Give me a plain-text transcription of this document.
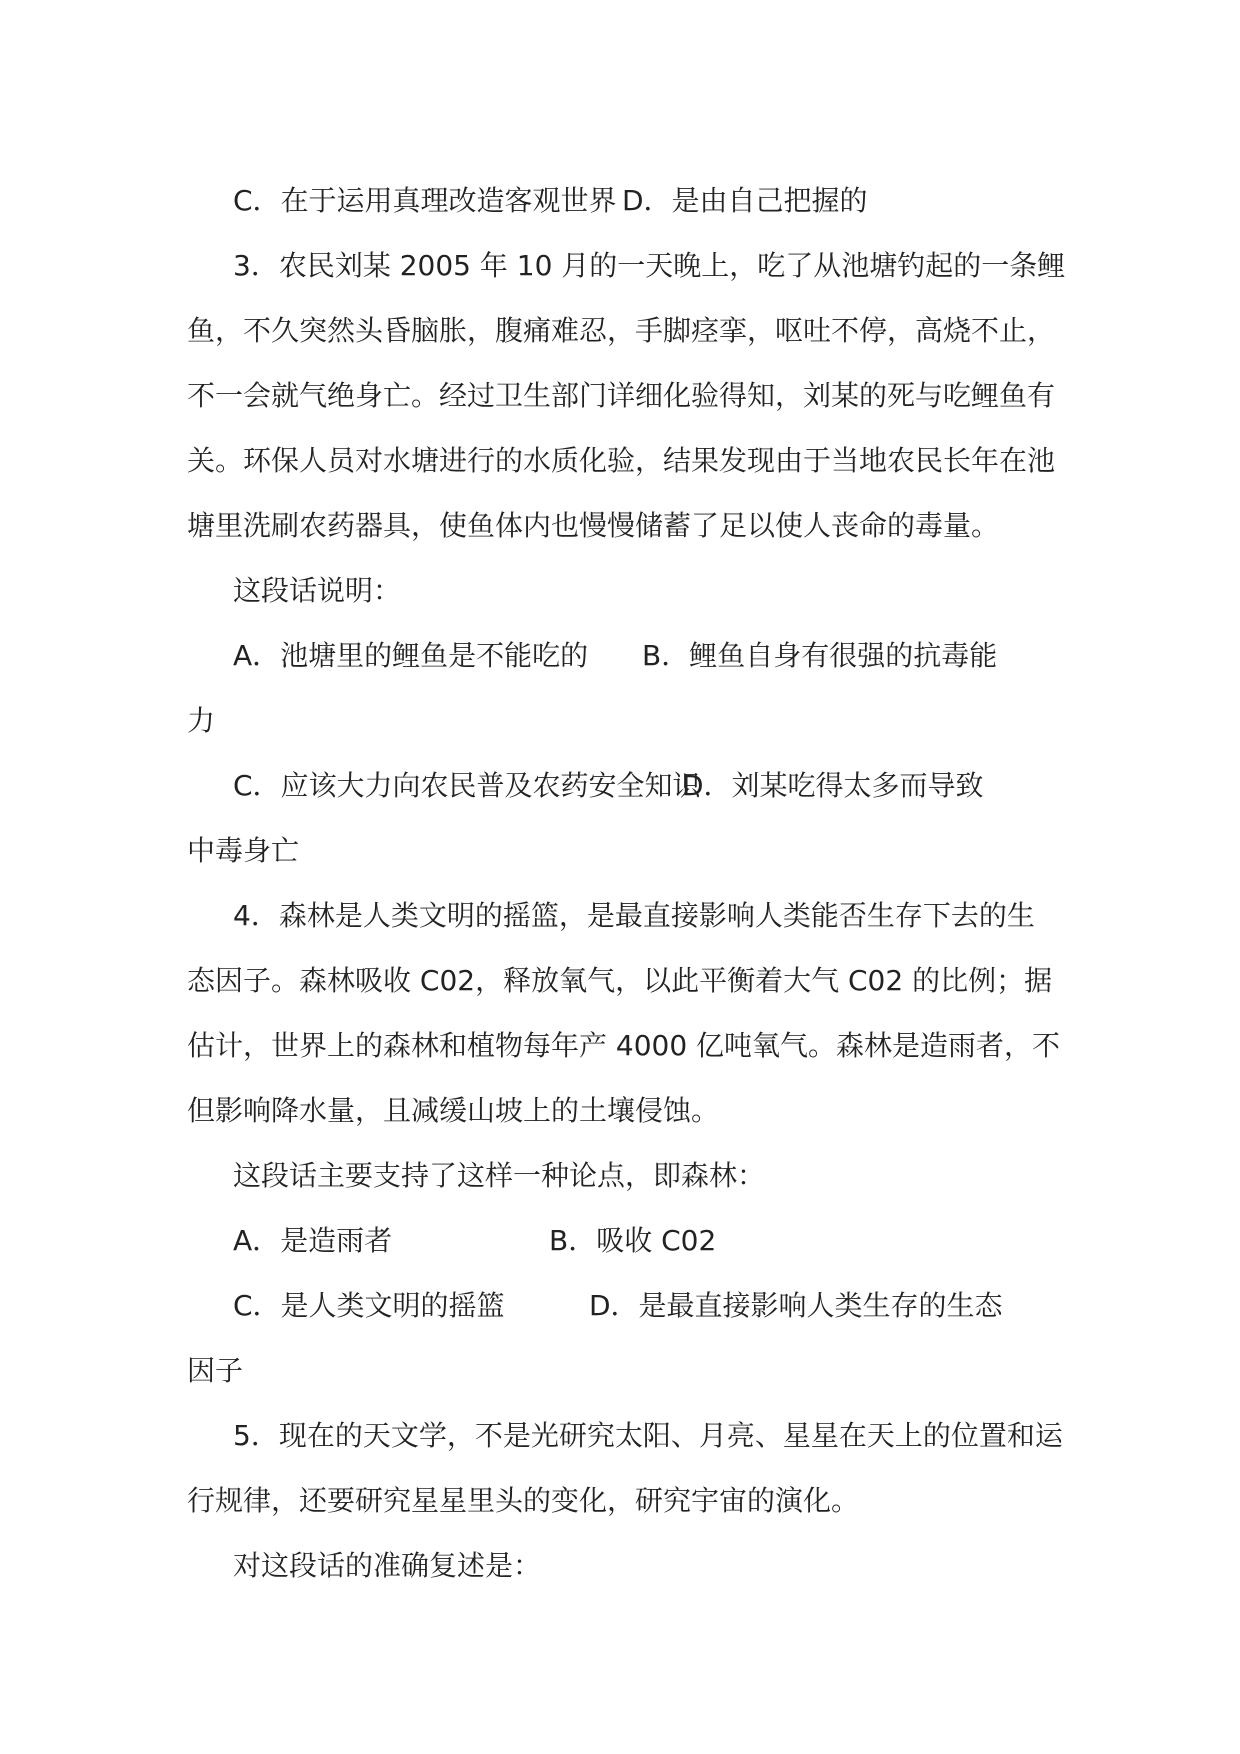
C．在于运用真理改造客观世界 D．是由自己把握的

3．农民刘某 2005 年 10 月的一天晚上，吃了从池塘钓起的一条鲤

鱼，不久突然头昏脑胀，腹痛难忍，手脚痉挛，呕吐不停，高烧不止，

不一会就气绝身亡。经过卫生部门详细化验得知，刘某的死与吃鲤鱼有

关。环保人员对水塘进行的水质化验，结果发现由于当地农民长年在池

塘里洗刷农药器具，使鱼体内也慢慢储蓄了足以使人丧命的毒量。

这段话说明：

A．池塘里的鲤鱼是不能吃的 B．鲤鱼自身有很强的抗毒能

力

C．应该大力向农民普及农药安全知识
D．刘某吃得太多而导致

中毒身亡

4．森林是人类文明的摇篮，是最直接影响人类能否生存下去的生

态因子。森林吸收 C02，释放氧气，以此平衡着大气 C02 的比例；据

估计，世界上的森林和植物每年产 4000 亿吨氧气。森林是造雨者，不

但影响降水量，且减缓山坡上的土壤侵蚀。

这段话主要支持了这样一种论点，即森林：

A．是造雨者	B．吸收 C02
C．是人类文明的摇篮	D．是最直接影响人类生存的生态

因子

5．现在的天文学，不是光研究太阳、月亮、星星在天上的位置和运

行规律，还要研究星星里头的变化，研究宇宙的演化。

对这段话的准确复述是：
